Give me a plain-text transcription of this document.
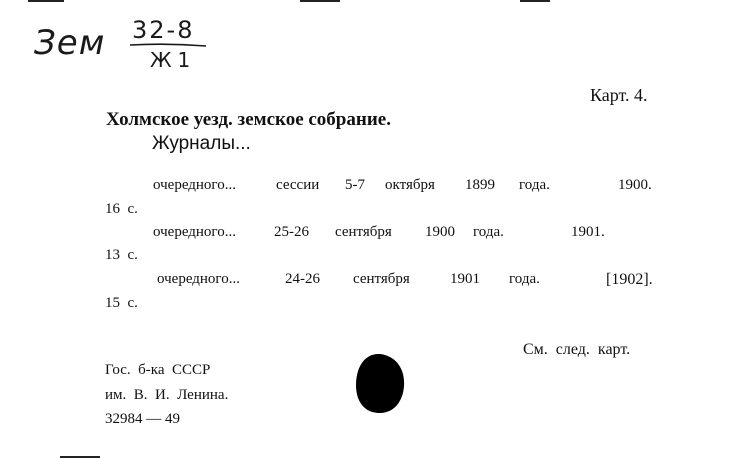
Зем 32-8
Ж1
Карт. 4.
Холмское уезд. земское собрание.
Журналы...
очередного...	сессии 5-7 октября 1899 года.	1900.
16  с.
очередного...	25-26 сентября 1900 года.	1901.
13  с.
очередного...	24-26 сентября	1901 года.	[1902].
15  с.
См.  след.  карт.
Гос.  б-ка  СССР
им.  В.  И.  Ленина.
32984 — 49
